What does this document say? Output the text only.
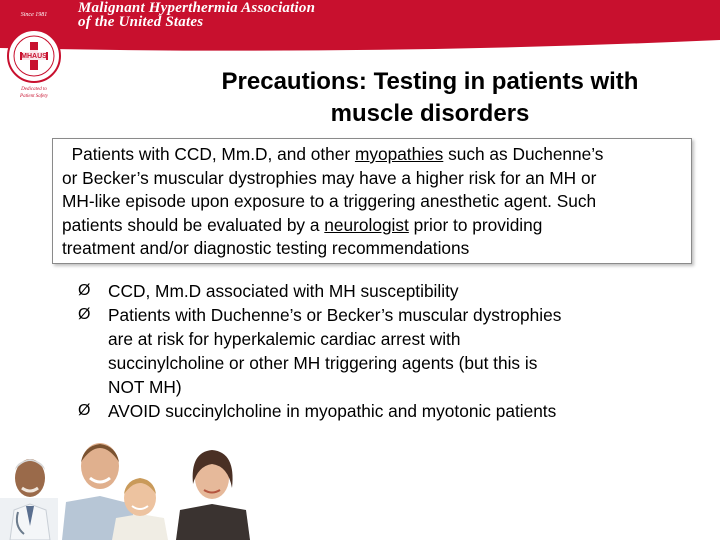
Since 1981
MHAUS
Dedicated to
Patient Safety
Malignant Hyperthermia Association
of the United States
Precautions: Testing in patients with
muscle disorders
Patients with CCD, Mm.D, and other myopathies such as Duchenne’s
or Becker’s muscular dystrophies may have a higher risk for an MH or
MH-like episode upon exposure to a triggering anesthetic agent. Such
patients should be evaluated by a neurologist prior to providing
treatment and/or diagnostic testing recommendations
Ø	CCD, Mm.D associated with MH susceptibility
Ø	Patients with Duchenne’s or Becker’s muscular dystrophies
are at risk for hyperkalemic cardiac arrest with
succinylcholine or other MH triggering agents (but this is
NOT MH)
Ø	AVOID succinylcholine in myopathic and myotonic patients
